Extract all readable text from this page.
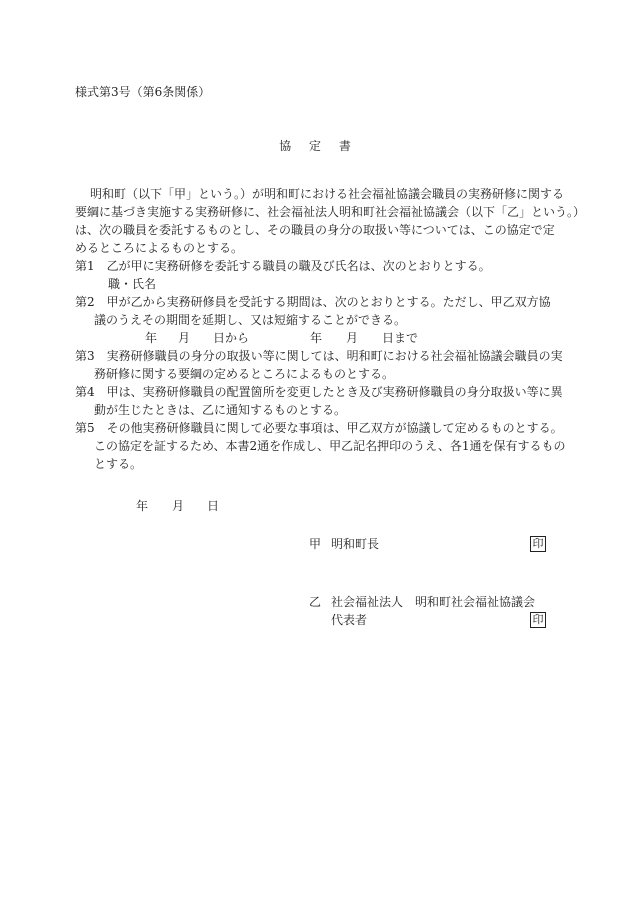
様式第3号（第6条関係）
協 定 書
明和町（以下「甲」という。）が明和町における社会福祉協議会職員の実務研修に関する
要綱に基づき実施する実務研修に、社会福祉法人明和町社会福祉協議会（以下「乙」という。）
は、次の職員を委託するものとし、その職員の身分の取扱い等については、この協定で定
めるところによるものとする。
第1　乙が甲に実務研修を委託する職員の職及び氏名は、次のとおりとする。
職・氏名
第2　甲が乙から実務研修員を受託する期間は、次のとおりとする。ただし、甲乙双方協
議のうえその期間を延期し、又は短縮することができる。
年 月 日から	年 月 日まで
第3　実務研修職員の身分の取扱い等に関しては、明和町における社会福祉協議会職員の実
務研修に関する要綱の定めるところによるものとする。
第4　甲は、実務研修職員の配置箇所を変更したとき及び実務研修職員の身分取扱い等に異
動が生じたときは、乙に通知するものとする。
第5　その他実務研修職員に関して必要な事項は、甲乙双方が協議して定めるものとする。
この協定を証するため、本書2通を作成し、甲乙記名押印のうえ、各1通を保有するもの
とする。
年 月 日
甲 明和町長	印
乙 社会福祉法人　明和町社会福祉協議会
代表者	印
